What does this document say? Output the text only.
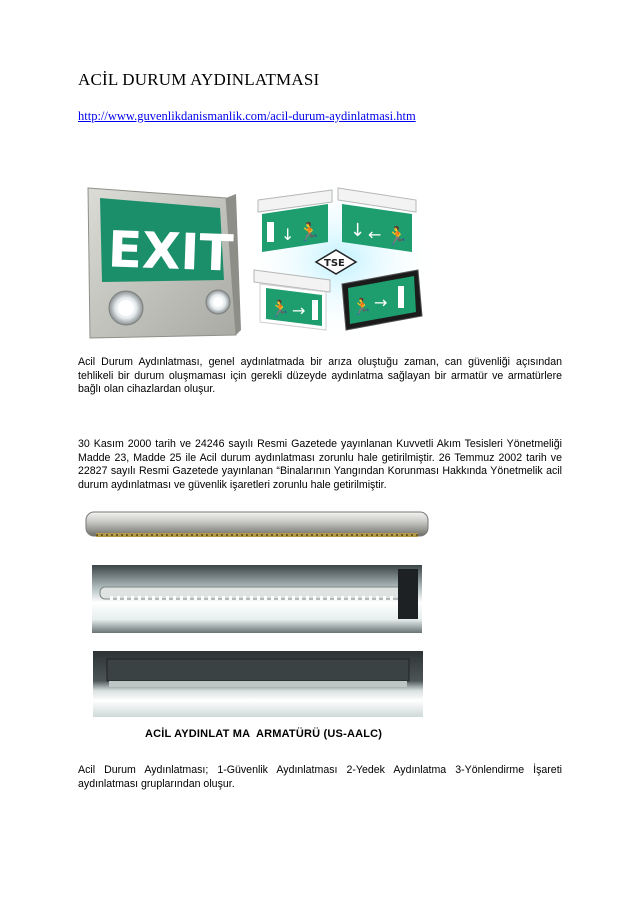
ACİL DURUM AYDINLATMASI
http://www.guvenlikdanismanlik.com/acil-durum-aydinlatmasi.htm
EXIT	↓ 🏃 ↓ ← 🏃
TSE
🏃 →	🏃 →
Acil Durum Aydınlatması, genel aydınlatmada bir arıza oluştuğu zaman, can güvenliği açısından tehlikeli bir durum oluşmaması için gerekli düzeyde aydınlatma sağlayan bir armatür ve armatürlere bağlı olan cihazlardan oluşur.
30 Kasım 2000 tarih ve 24246 sayılı Resmi Gazetede yayınlanan Kuvvetli Akım Tesisleri Yönetmeliği Madde 23, Madde 25 ile Acil durum aydınlatması zorunlu hale getirilmiştir. 26 Temmuz 2002 tarih ve 22827 sayılı Resmi Gazetede yayınlanan “Binalarının Yangından Korunması Hakkında Yönetmelik acil durum aydınlatması ve güvenlik işaretleri zorunlu hale getirilmiştir.
ACİL AYDINLAT MA  ARMATÜRÜ (US-AALC)
Acil Durum Aydınlatması; 1-Güvenlik Aydınlatması 2-Yedek Aydınlatma 3-Yönlendirme İşareti aydınlatması gruplarından oluşur.
